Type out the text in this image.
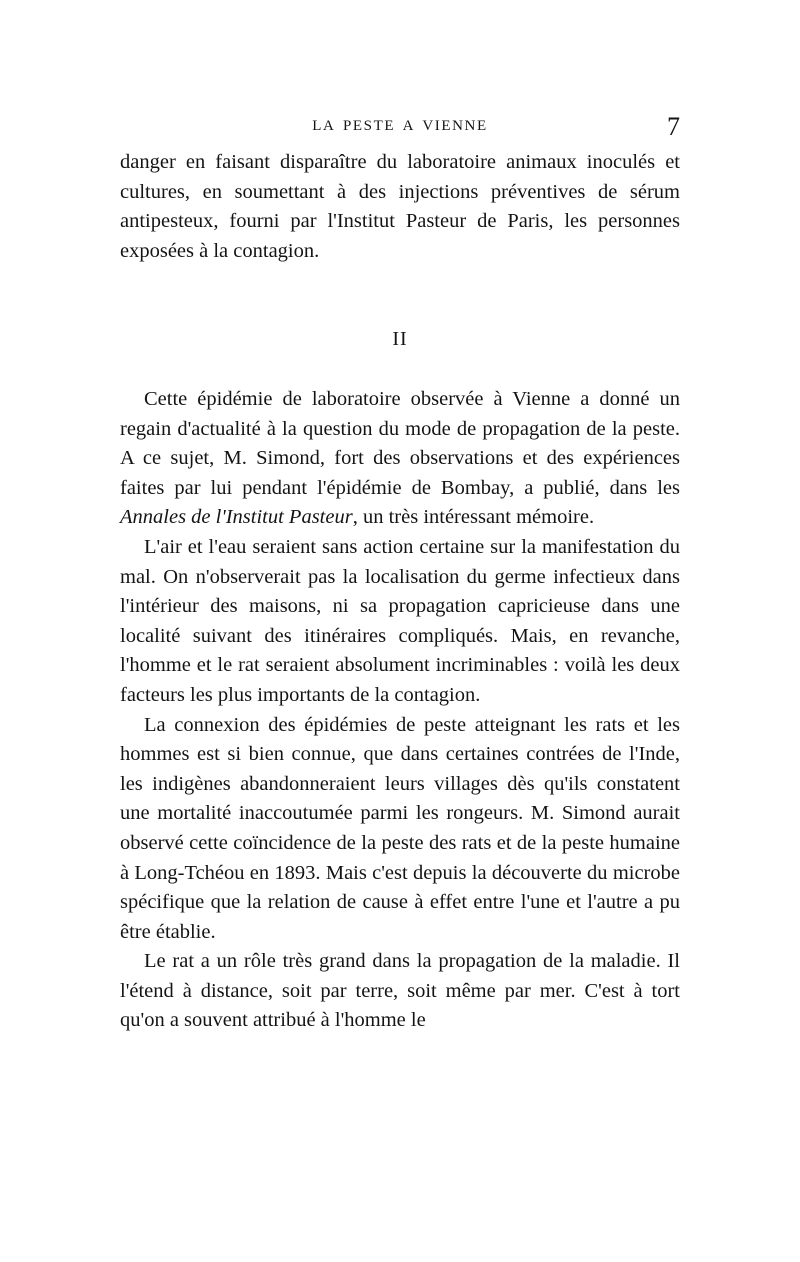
LA PESTE A VIENNE	7
danger en faisant disparaître du laboratoire animaux inoculés et cultures, en soumettant à des injections préventives de sérum antipesteux, fourni par l'Institut Pasteur de Paris, les personnes exposées à la contagion.
II

Cette épidémie de laboratoire observée à Vienne a donné un regain d'actualité à la question du mode de propagation de la peste. A ce sujet, M. Simond, fort des observations et des expériences faites par lui pendant l'épidémie de Bombay, a publié, dans les Annales de l'Institut Pasteur, un très intéressant mémoire.

L'air et l'eau seraient sans action certaine sur la manifestation du mal. On n'observerait pas la localisation du germe infectieux dans l'intérieur des maisons, ni sa propagation capricieuse dans une localité suivant des itinéraires compliqués. Mais, en revanche, l'homme et le rat seraient absolument incriminables : voilà les deux facteurs les plus importants de la contagion.

La connexion des épidémies de peste atteignant les rats et les hommes est si bien connue, que dans certaines contrées de l'Inde, les indigènes abandonneraient leurs villages dès qu'ils constatent une mortalité inaccoutumée parmi les rongeurs. M. Simond aurait observé cette coïncidence de la peste des rats et de la peste humaine à Long-Tchéou en 1893. Mais c'est depuis la découverte du microbe spécifique que la relation de cause à effet entre l'une et l'autre a pu être établie.

Le rat a un rôle très grand dans la propagation de la maladie. Il l'étend à distance, soit par terre, soit même par mer. C'est à tort qu'on a souvent attribué à l'homme le
